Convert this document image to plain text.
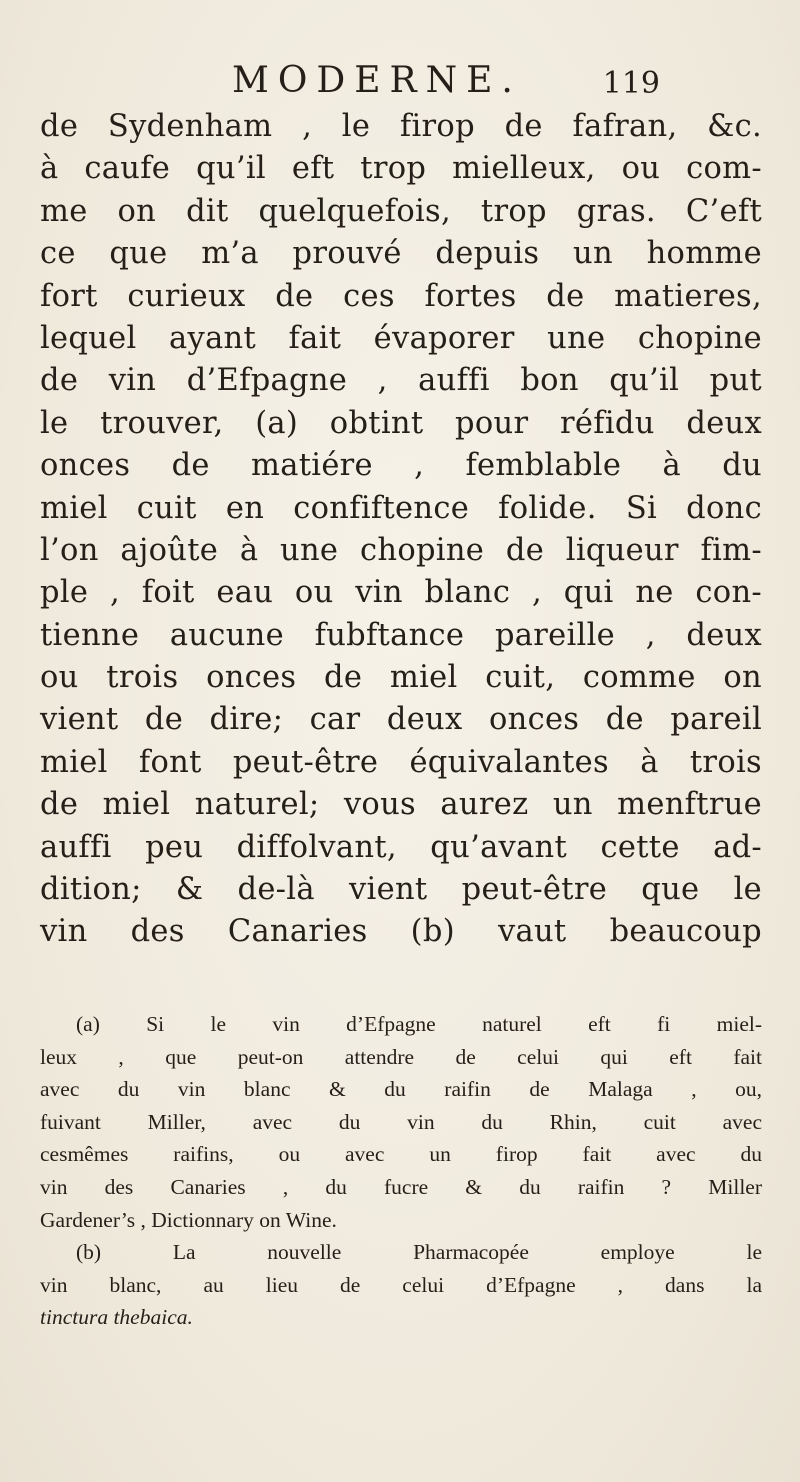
MODERNE.	119
de Sydenham , le firop de fafran, &c.
à caufe qu’il eft trop mielleux, ou com-
me on dit quelquefois, trop gras. C’eft
ce que m’a prouvé depuis un homme
fort curieux de ces fortes de matieres,
lequel ayant fait évaporer une chopine
de vin d’Efpagne , auffi bon qu’il put
le trouver, (a) obtint pour réfidu deux
onces de matiére , femblable à du
miel cuit en confiftence folide. Si donc
l’on ajoûte à une chopine de liqueur fim-
ple , foit eau ou vin blanc , qui ne con-
tienne aucune fubftance pareille , deux
ou trois onces de miel cuit, comme on
vient de dire; car deux onces de pareil
miel font peut-être équivalantes à trois
de miel naturel; vous aurez un menftrue
auffi peu diffolvant, qu’avant cette ad-
dition; & de-là vient peut-être que le
vin des Canaries (b) vaut beaucoup
(a) Si le vin d’Efpagne naturel eft fi miel-
leux , que peut-on attendre de celui qui eft fait
avec du vin blanc & du raifin de Malaga , ou,
fuivant Miller, avec du vin du Rhin, cuit avec
cesmêmes raifins, ou avec un firop fait avec du
vin des Canaries , du fucre & du raifin ? Miller
Gardener’s , Dictionnary on Wine.
(b) La nouvelle Pharmacopée employe le
vin blanc, au lieu de celui d’Efpagne , dans la
tinctura thebaica.
